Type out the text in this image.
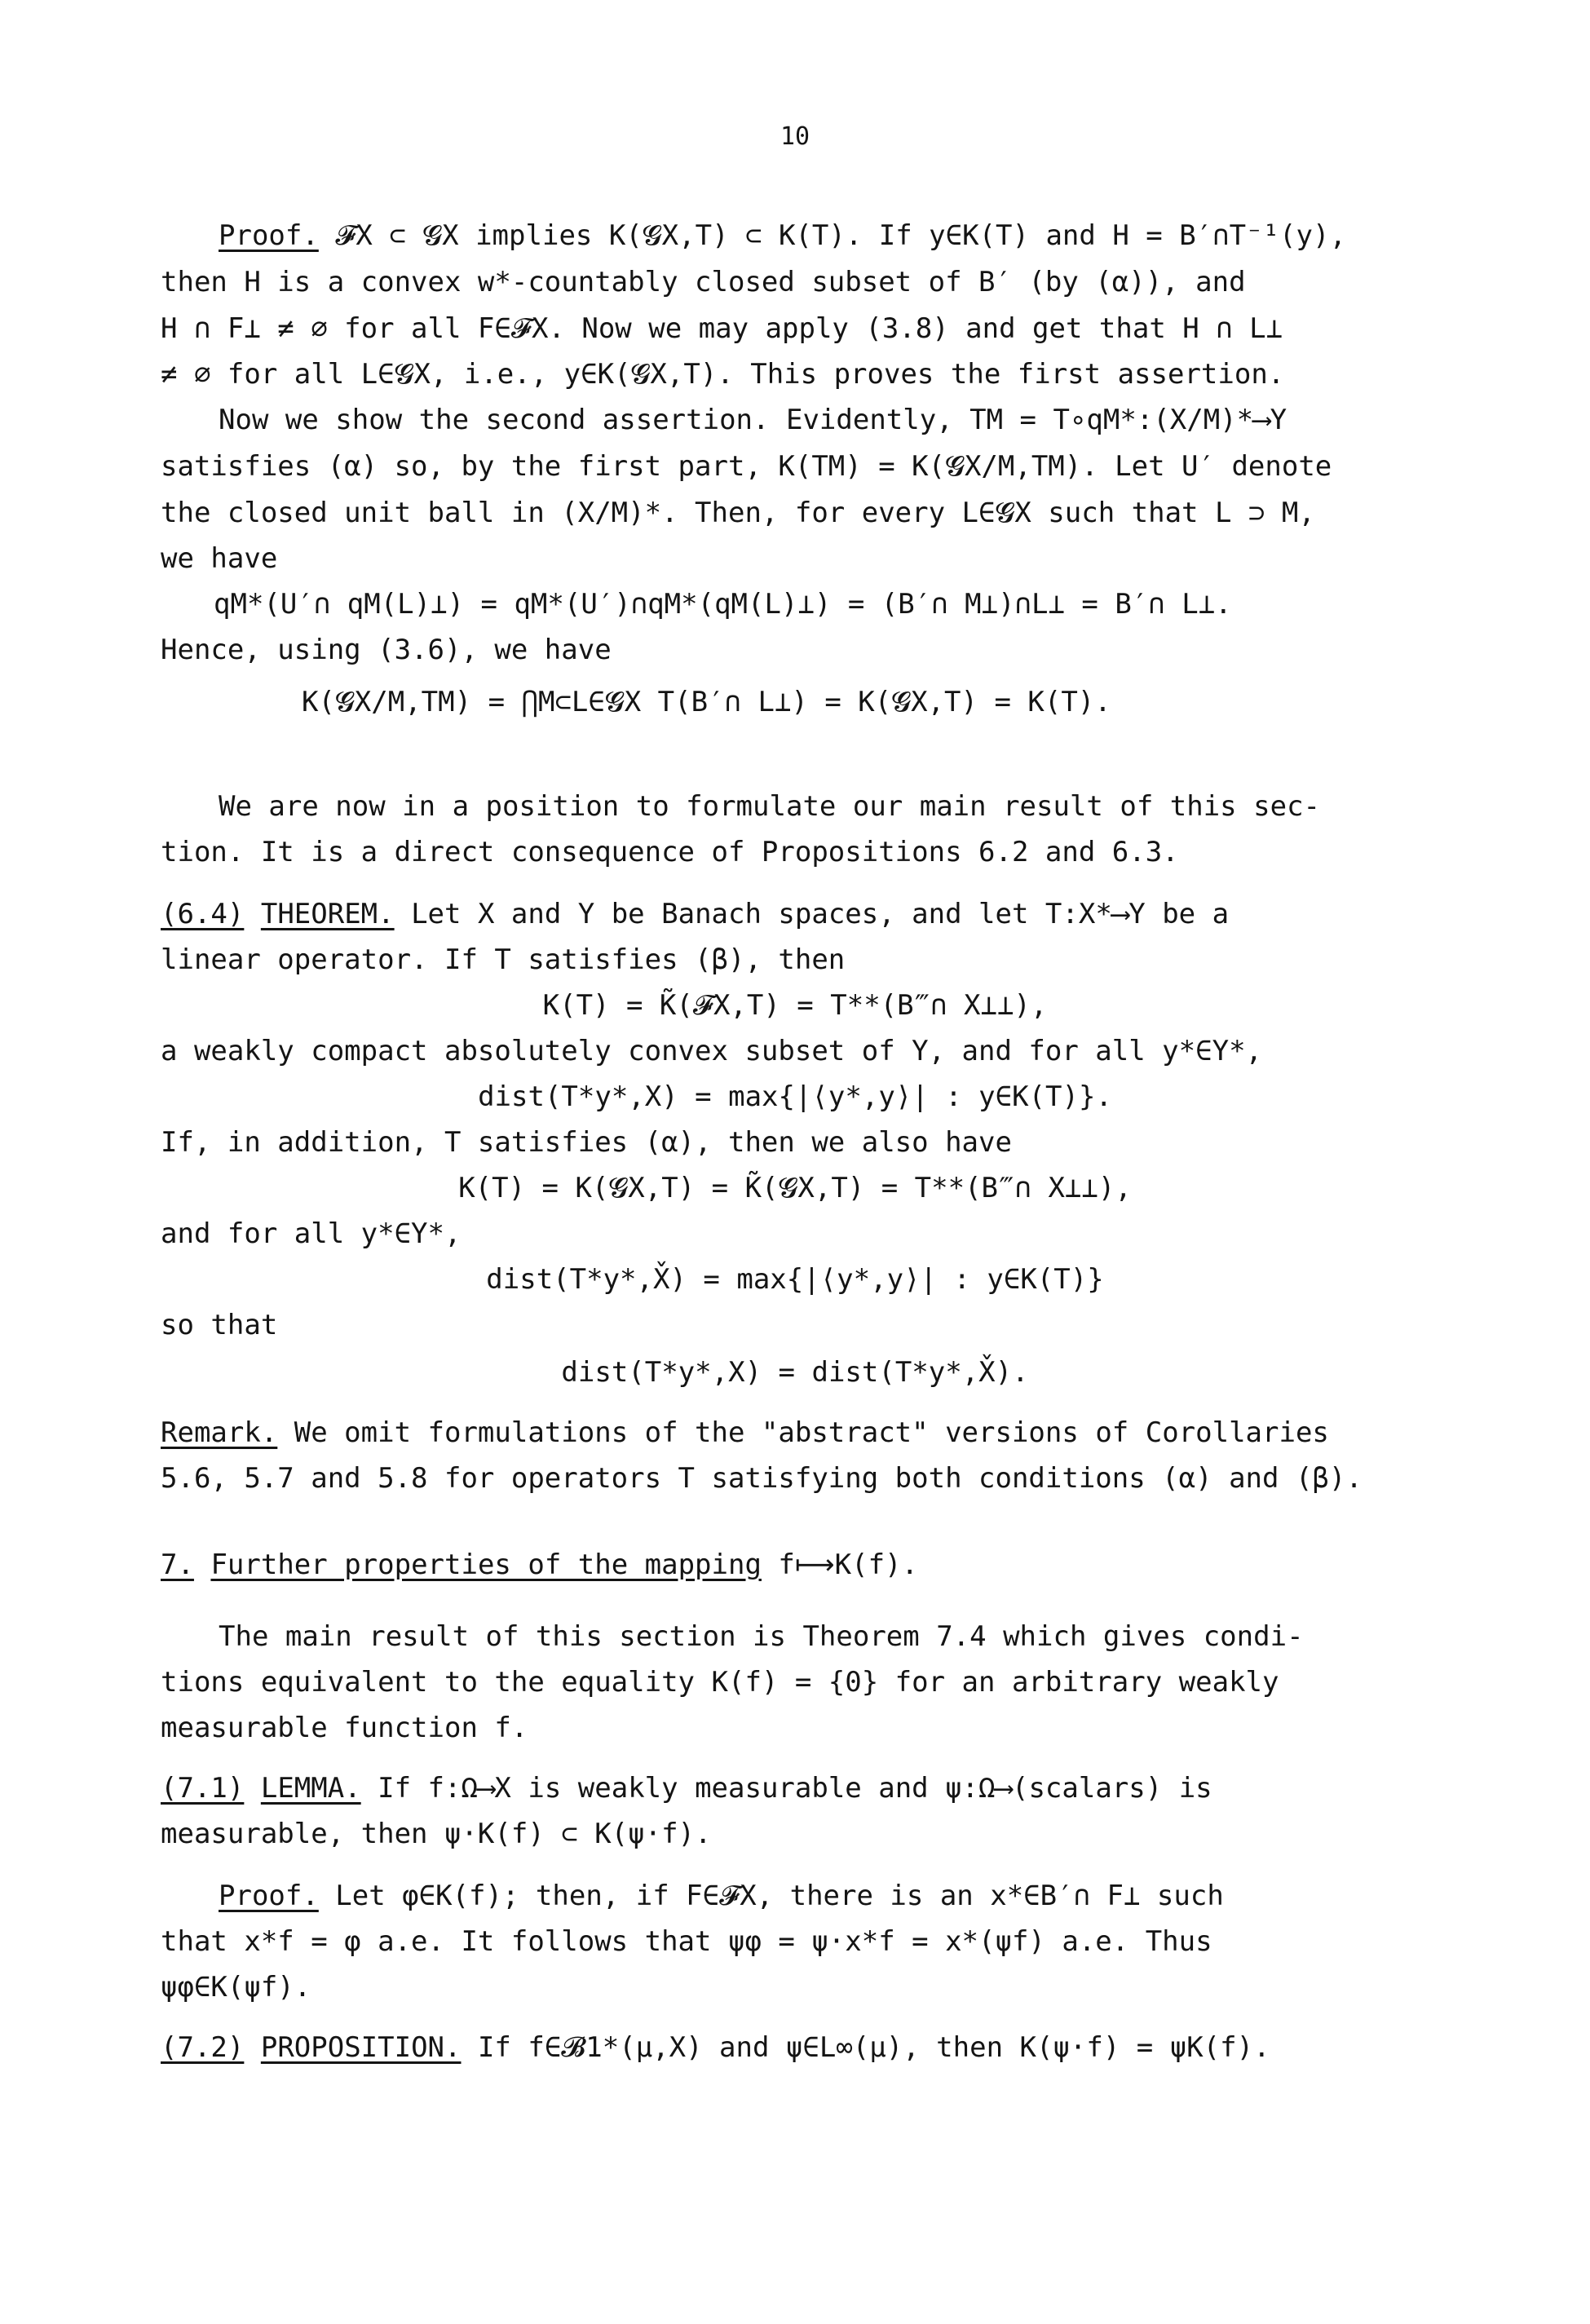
10
Proof. 𝓕X ⊂ 𝓖X implies K(𝓖X,T) ⊂ K(T). If y∈K(T) and H = B′∩T⁻¹(y),
then H is a convex w*-countably closed subset of B′ (by (α)), and
H ∩ F⊥ ≠ ∅ for all F∈𝓕X. Now we may apply (3.8) and get that H ∩ L⊥
≠ ∅ for all L∈𝓖X, i.e., y∈K(𝓖X,T). This proves the first assertion.
Now we show the second assertion. Evidently, TM = T∘qM*:(X/M)*⟶Y
satisfies (α) so, by the first part, K(TM) = K(𝓖X/M,TM). Let U′ denote
the closed unit ball in (X/M)*. Then, for every L∈𝓖X such that L ⊃ M,
we have
qM*(U′∩ qM(L)⊥) = qM*(U′)∩qM*(qM(L)⊥) = (B′∩ M⊥)∩L⊥ = B′∩ L⊥.
Hence, using (3.6), we have
K(𝓖X/M,TM) = ⋂M⊂L∈𝓖X T(B′∩ L⊥) = K(𝓖X,T) = K(T).
We are now in a position to formulate our main result of this sec-
tion. It is a direct consequence of Propositions 6.2 and 6.3.
(6.4) THEOREM. Let X and Y be Banach spaces, and let T:X*⟶Y be a
linear operator. If T satisfies (β), then
K(T) = K̃(𝓕X,T) = T**(B‴∩ X⊥⊥),
a weakly compact absolutely convex subset of Y, and for all y*∈Y*,
dist(T*y*,X) = max{|⟨y*,y⟩| : y∈K(T)}.
If, in addition, T satisfies (α), then we also have
K(T) = K(𝓖X,T) = K̃(𝓖X,T) = T**(B‴∩ X⊥⊥),
and for all y*∈Y*,
dist(T*y*,X̌) = max{|⟨y*,y⟩| : y∈K(T)}
so that
dist(T*y*,X) = dist(T*y*,X̌).
Remark. We omit formulations of the "abstract" versions of Corollaries
5.6, 5.7 and 5.8 for operators T satisfying both conditions (α) and (β).
7. Further properties of the mapping f⟼K(f).
The main result of this section is Theorem 7.4 which gives condi-
tions equivalent to the equality K(f) = {0} for an arbitrary weakly
measurable function f.
(7.1) LEMMA. If f:Ω⟶X is weakly measurable and ψ:Ω⟶(scalars) is
measurable, then ψ·K(f) ⊂ K(ψ·f).
Proof. Let φ∈K(f); then, if F∈𝓕X, there is an x*∈B′∩ F⊥ such
that x*f = φ a.e. It follows that ψφ = ψ·x*f = x*(ψf) a.e. Thus
ψφ∈K(ψf).
(7.2) PROPOSITION. If f∈𝓑1*(μ,X) and ψ∈L∞(μ), then K(ψ·f) = ψK(f).
